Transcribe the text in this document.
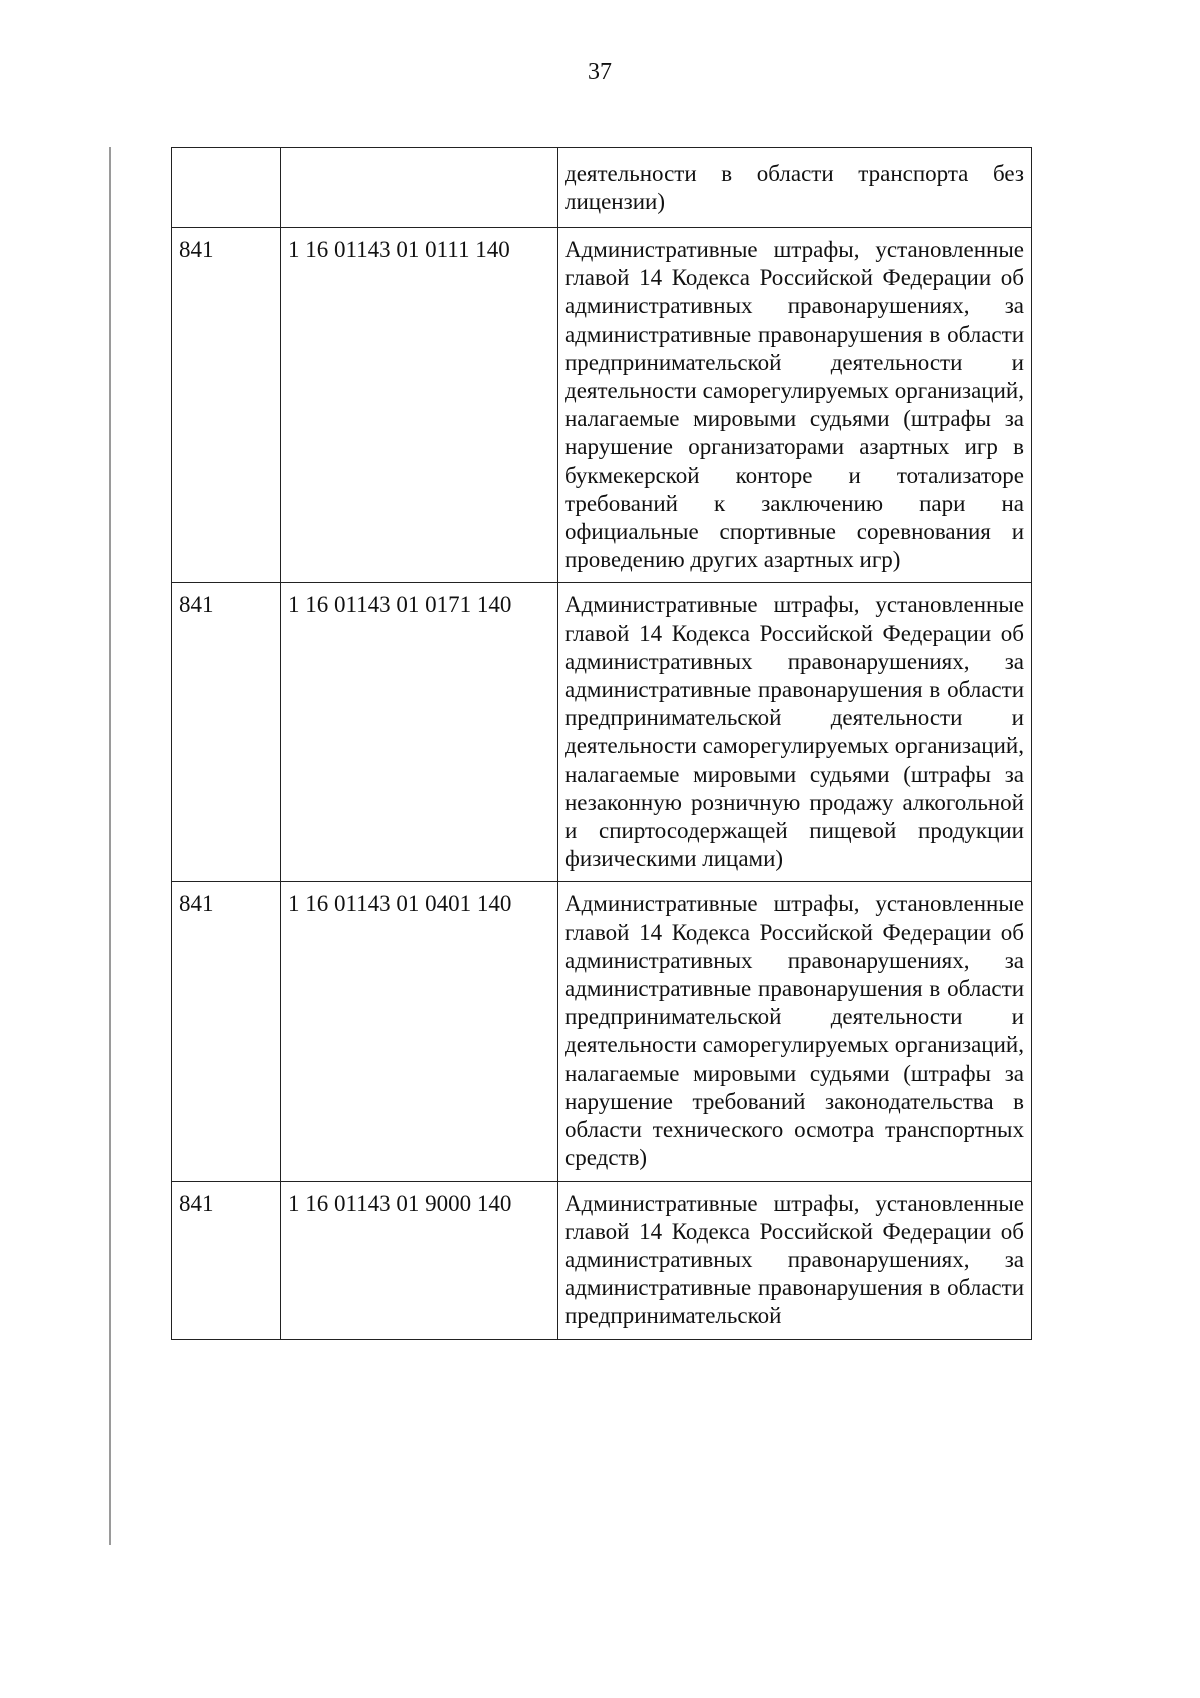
37
		деятельности в области транспорта без лицензии)
841	1 16 01143 01 0111 140	Административные штрафы, установленные главой 14 Кодекса Российской Федерации об административных правонарушениях, за административные правонарушения в области предпринимательской деятельности и деятельности саморегулируемых организаций, налагаемые мировыми судьями (штрафы за нарушение организаторами азартных игр в букмекерской конторе и тотализаторе требований к заключению пари на официальные спортивные соревнования и проведению других азартных игр)
841	1 16 01143 01 0171 140	Административные штрафы, установленные главой 14 Кодекса Российской Федерации об административных правонарушениях, за административные правонарушения в области предпринимательской деятельности и деятельности саморегулируемых организаций, налагаемые мировыми судьями (штрафы за незаконную розничную продажу алкогольной и спиртосодержащей пищевой продукции физическими лицами)
841	1 16 01143 01 0401 140	Административные штрафы, установленные главой 14 Кодекса Российской Федерации об административных правонарушениях, за административные правонарушения в области предпринимательской деятельности и деятельности саморегулируемых организаций, налагаемые мировыми судьями (штрафы за нарушение требований законодательства в области технического осмотра транспортных средств)
841	1 16 01143 01 9000 140	Административные штрафы, установленные главой 14 Кодекса Российской Федерации об административных правонарушениях, за административные правонарушения в области предпринимательской
